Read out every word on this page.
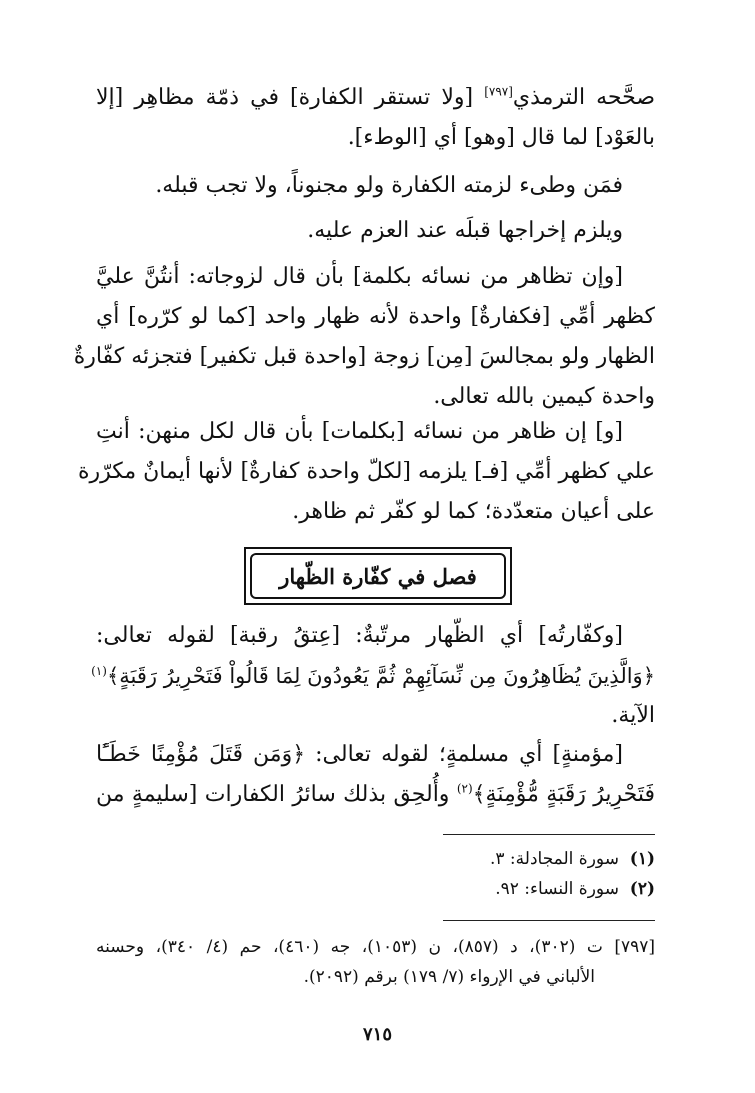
صحَّحه الترمذي[٧٩٧] [ولا تستقر الكفارة] في ذمّة مظاهِر [إلا
بالعَوْد] لما قال [وهو] أي [الوطء].
فمَن وطىء لزمته الكفارة ولو مجنوناً، ولا تجب قبله.
ويلزم إخراجها قبلَه عند العزم عليه.
[وإن تظاهر من نسائه بكلمة] بأن قال لزوجاته: أنتُنَّ عليَّ
كظهر أمِّي [فكفارةٌ] واحدة لأنه ظهار واحد [كما لو كرّره] أي
الظهار ولو بمجالسَ [مِن] زوجة [واحدة قبل تكفير] فتجزئه كفّارةٌ
واحدة كيمين بالله تعالى.
[و] إن ظاهر من نسائه [بكلمات] بأن قال لكل منهن: أنتِ
علي كظهر أمِّي [فـ] يلزمه [لكلّ واحدة كفارةٌ] لأنها أيمانٌ مكرّرة
على أعيان متعدّدة؛ كما لو كفّر ثم ظاهر.
فصل في كفّارة الظّهار
[وكفّارتُه] أي الظّهار مرتّبةٌ: [عِتقُ رقبة] لقوله تعالى:
﴿وَالَّذِينَ يُظَاهِرُونَ مِن نِّسَآئِهِمْ ثُمَّ يَعُودُونَ لِمَا قَالُواْ فَتَحْرِيرُ رَقَبَةٍ﴾$^{(١)}$
الآية.
[مؤمنةٍ] أي مسلمةٍ؛ لقوله تعالى: ﴿وَمَن قَتَلَ مُؤْمِنًا خَطَـًٔا
فَتَحْرِيرُ رَقَبَةٍ مُّؤْمِنَةٍ﴾$^{(٢)}$ وأُلحِق بذلك سائرُ الكفارات [سليمةٍ من
(١)  سورة المجادلة: ٣.
(٢)  سورة النساء: ٩٢.
[٧٩٧] ت (٣٠٢)، د (٨٥٧)، ن (١٠٥٣)، جه (٤٦٠)، حم (٤/ ٣٤٠)، وحسنه
الألباني في الإرواء (٧/ ١٧٩) برقم (٢٠٩٢).
٧١٥
